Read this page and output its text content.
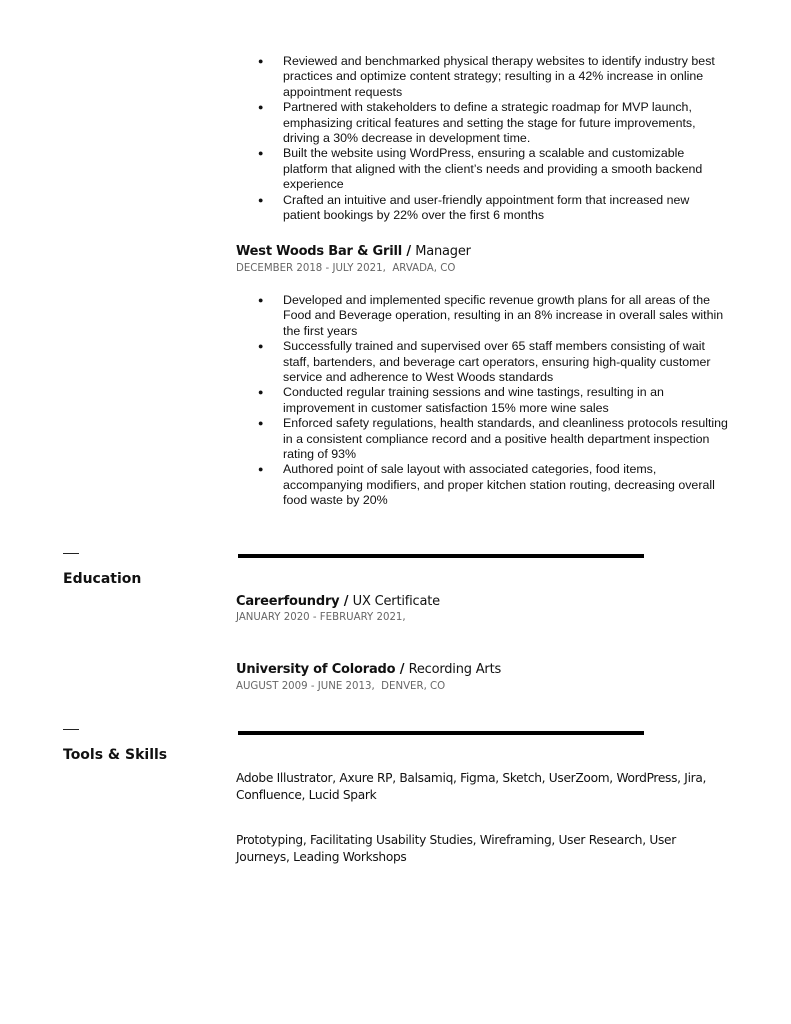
● Reviewed and benchmarked physical therapy websites to identify industry best practices and optimize content strategy; resulting in a 42% increase in online appointment requests
● Partnered with stakeholders to define a strategic roadmap for MVP launch, emphasizing critical features and setting the stage for future improvements, driving a 30% decrease in development time.
● Built the website using WordPress, ensuring a scalable and customizable platform that aligned with the client’s needs and providing a smooth backend experience
● Crafted an intuitive and user-friendly appointment form that increased new patient bookings by 22% over the first 6 months
West Woods Bar & Grill / Manager
DECEMBER 2018 - JULY 2021,  ARVADA, CO
● Developed and implemented specific revenue growth plans for all areas of the Food and Beverage operation, resulting in an 8% increase in overall sales within the first years
● Successfully trained and supervised over 65 staff members consisting of wait staff, bartenders, and beverage cart operators, ensuring high-quality customer service and adherence to West Woods standards
● Conducted regular training sessions and wine tastings, resulting in an improvement in customer satisfaction 15% more wine sales
● Enforced safety regulations, health standards, and cleanliness protocols resulting in a consistent compliance record and a positive health department inspection rating of 93%
● Authored point of sale layout with associated categories, food items, accompanying modifiers, and proper kitchen station routing, decreasing overall food waste by 20%
Education
Careerfoundry / UX Certificate
JANUARY 2020 - FEBRUARY 2021,
University of Colorado / Recording Arts
AUGUST 2009 - JUNE 2013,  DENVER, CO
Tools & Skills
Adobe Illustrator, Axure RP, Balsamiq, Figma, Sketch, UserZoom, WordPress, Jira, Confluence, Lucid Spark
Prototyping, Facilitating Usability Studies, Wireframing, User Research, User Journeys, Leading Workshops
